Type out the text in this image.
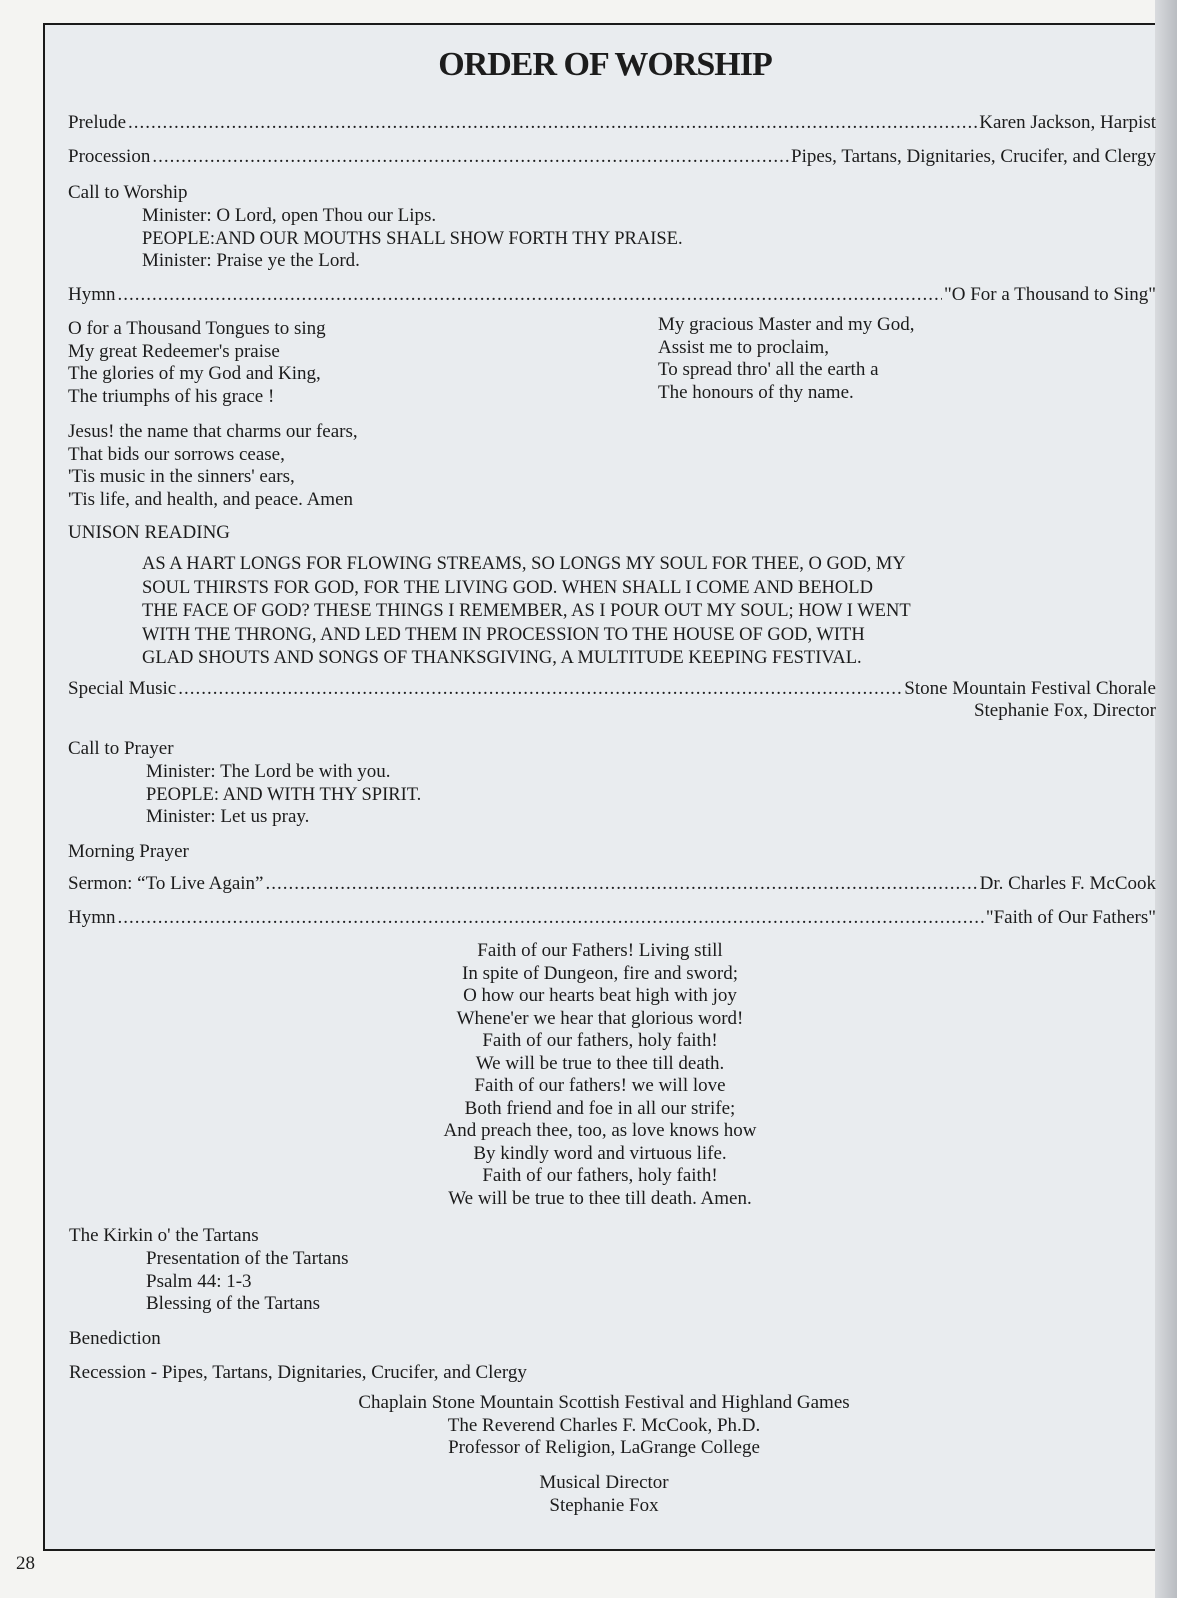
ORDER OF WORSHIP
Prelude .....	Karen Jackson, Harpist
Procession .....	Pipes, Tartans, Dignitaries, Crucifer, and Clergy
Call to Worship
Minister: O Lord, open Thou our Lips.
PEOPLE:AND OUR MOUTHS SHALL SHOW FORTH THY PRAISE.
Minister: Praise ye the Lord.
Hymn .....	"O For a Thousand to Sing"
O for a Thousand Tongues to sing
My great Redeemer's praise
The glories of my God and King,
The triumphs of his grace !
My gracious Master and my God,
Assist me to proclaim,
To spread thro' all the earth a
The honours of thy name.
Jesus! the name that charms our fears,
That bids our sorrows cease,
'Tis music in the sinners' ears,
'Tis life, and health, and peace. Amen
UNISON READING
AS A HART LONGS FOR FLOWING STREAMS, SO LONGS MY SOUL FOR THEE, O GOD, MY
SOUL THIRSTS FOR GOD, FOR THE LIVING GOD. WHEN SHALL I COME AND BEHOLD
THE FACE OF GOD? THESE THINGS I REMEMBER, AS I POUR OUT MY SOUL; HOW I WENT
WITH THE THRONG, AND LED THEM IN PROCESSION TO THE HOUSE OF GOD, WITH
GLAD SHOUTS AND SONGS OF THANKSGIVING, A MULTITUDE KEEPING FESTIVAL.
Special Music .....	Stone Mountain Festival Chorale
Stephanie Fox, Director
Call to Prayer
Minister: The Lord be with you.
PEOPLE: AND WITH THY SPIRIT.
Minister: Let us pray.
Morning Prayer
Sermon: “To Live Again” .....	Dr. Charles F. McCook
Hymn .....	"Faith of Our Fathers"
Faith of our Fathers! Living still
In spite of Dungeon, fire and sword;
O how our hearts beat high with joy
Whene'er we hear that glorious word!
Faith of our fathers, holy faith!
We will be true to thee till death.
Faith of our fathers! we will love
Both friend and foe in all our strife;
And preach thee, too, as love knows how
By kindly word and virtuous life.
Faith of our fathers, holy faith!
We will be true to thee till death. Amen.
The Kirkin o' the Tartans
Presentation of the Tartans
Psalm 44: 1-3
Blessing of the Tartans
Benediction
Recession - Pipes, Tartans, Dignitaries, Crucifer, and Clergy
Chaplain Stone Mountain Scottish Festival and Highland Games
The Reverend Charles F. McCook, Ph.D.
Professor of Religion, LaGrange College
Musical Director
Stephanie Fox
28
